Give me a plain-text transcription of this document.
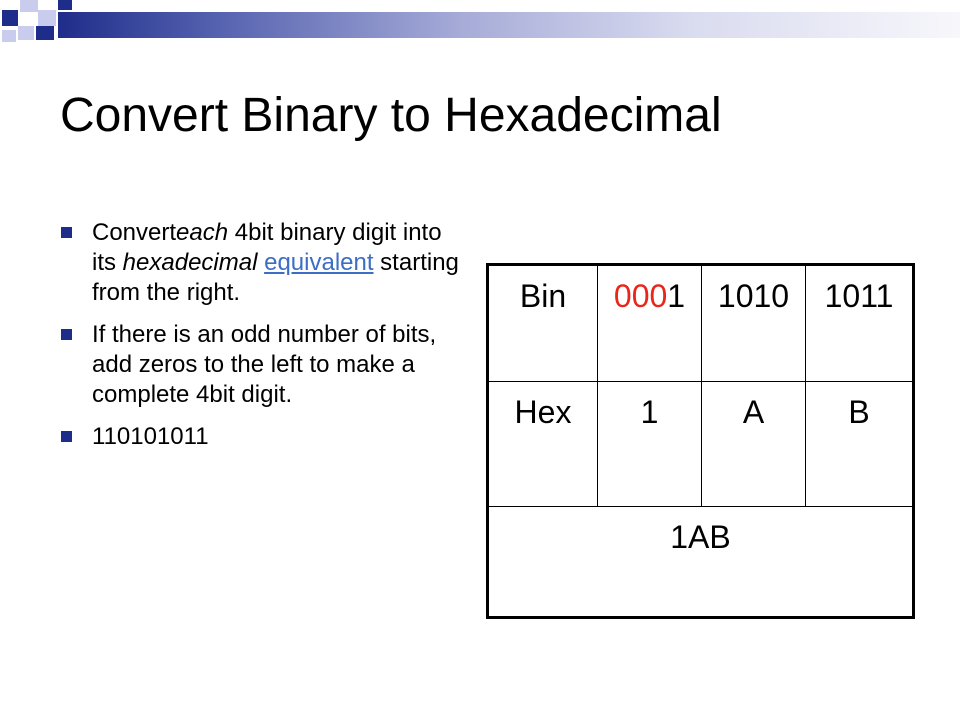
Convert Binary to Hexadecimal
Converteach 4bit binary digit into its hexadecimal equivalent starting from the right.
If there is an odd number of bits, add zeros to the left to make a complete 4bit digit.
110101011
Bin	0001	1010	1011
Hex	1	A	B
1AB			
